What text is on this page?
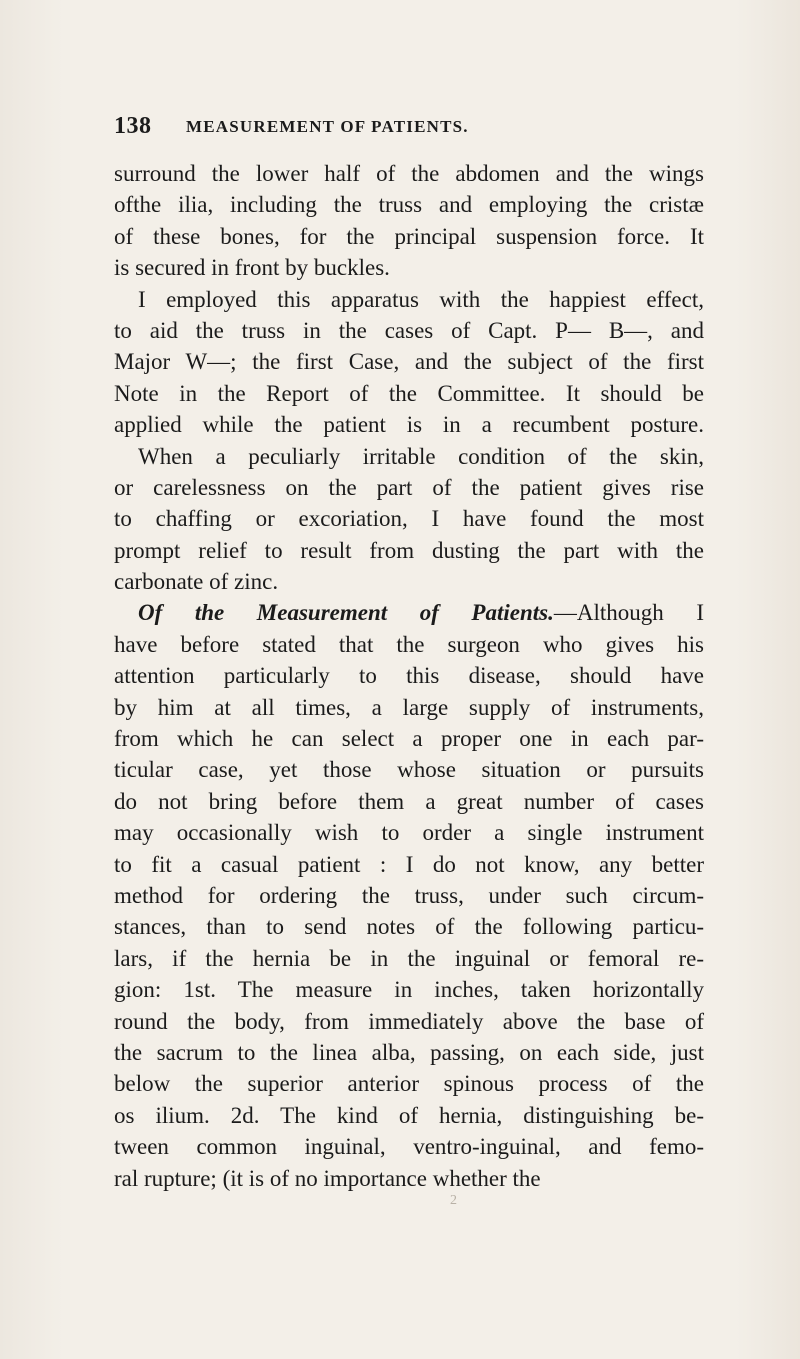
138 MEASUREMENT OF PATIENTS.
surround the lower half of the abdomen and the wings
ofthe ilia, including the truss and employing the cristæ
of these bones, for the principal suspension force. It
is secured in front by buckles.
I employed this apparatus with the happiest effect,
to aid the truss in the cases of Capt. P— B—, and
Major W—; the first Case, and the subject of the first
Note in the Report of the Committee. It should be
applied while the patient is in a recumbent posture.
When a peculiarly irritable condition of the skin,
or carelessness on the part of the patient gives rise
to chaffing or excoriation, I have found the most
prompt relief to result from dusting the part with the
carbonate of zinc.
Of the Measurement of Patients.—Although I
have before stated that the surgeon who gives his
attention particularly to this disease, should have
by him at all times, a large supply of instruments,
from which he can select a proper one in each par-
ticular case, yet those whose situation or pursuits
do not bring before them a great number of cases
may occasionally wish to order a single instrument
to fit a casual patient : I do not know, any better
method for ordering the truss, under such circum-
stances, than to send notes of the following particu-
lars, if the hernia be in the inguinal or femoral re-
gion: 1st. The measure in inches, taken horizontally
round the body, from immediately above the base of
the sacrum to the linea alba, passing, on each side, just
below the superior anterior spinous process of the
os ilium. 2d. The kind of hernia, distinguishing be-
tween common inguinal, ventro-inguinal, and femo-
ral rupture; (it is of no importance whether the
2
